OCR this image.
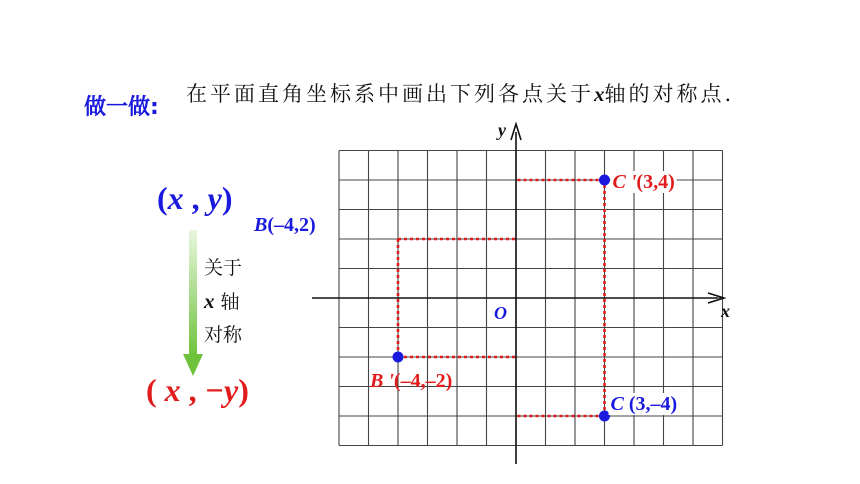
做一做:
在平面直角坐标系中画出下列各点关于x轴的对称点.
(x , y)
关于
x 轴
对称
( x , −y)
x
y
O
B(–4,2)
B '(–4,–2)
C (3,–4)
C '(3,4)
